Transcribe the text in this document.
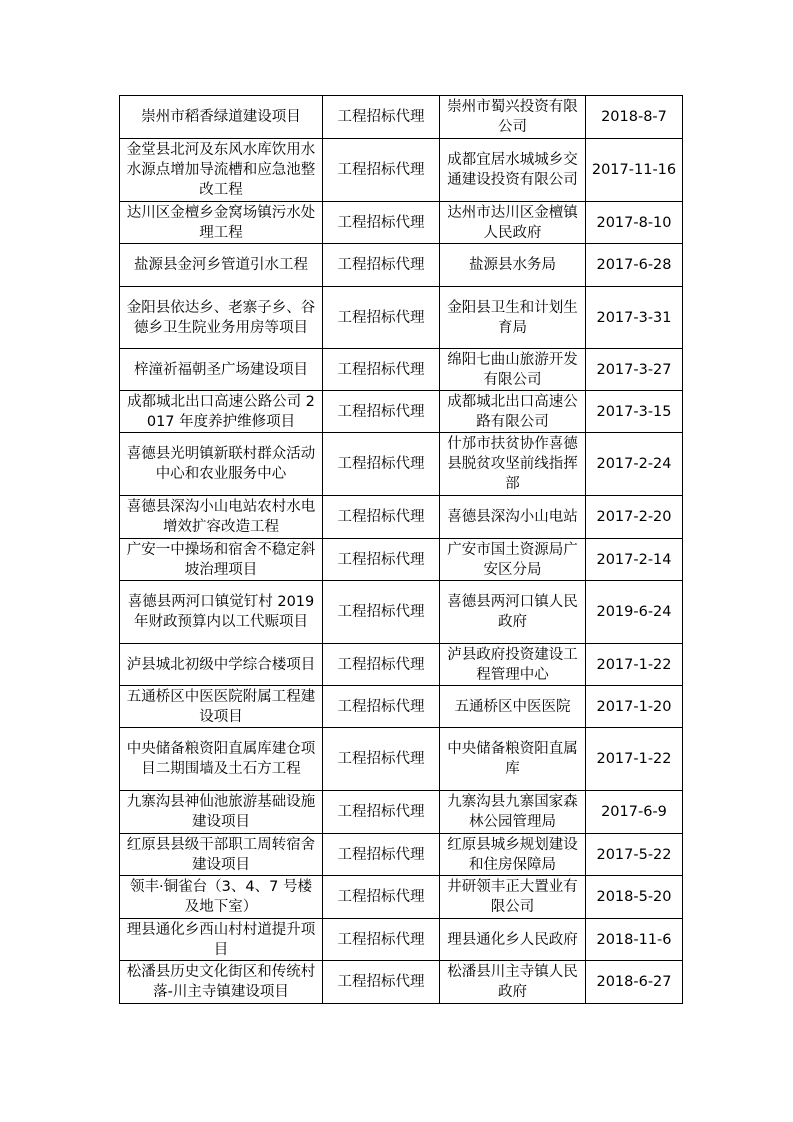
崇州市稻香绿道建设项目	工程招标代理	崇州市蜀兴投资有限公司	2018-8-7
金堂县北河及东风水库饮用水水源点增加导流槽和应急池整改工程	工程招标代理	成都宜居水城城乡交通建设投资有限公司	2017-11-16
达川区金檀乡金窝场镇污水处理工程	工程招标代理	达州市达川区金檀镇人民政府	2017-8-10
盐源县金河乡管道引水工程	工程招标代理	盐源县水务局	2017-6-28
金阳县依达乡、老寨子乡、谷德乡卫生院业务用房等项目	工程招标代理	金阳县卫生和计划生育局	2017-3-31
梓潼祈福朝圣广场建设项目	工程招标代理	绵阳七曲山旅游开发有限公司	2017-3-27
成都城北出口高速公路公司 2017 年度养护维修项目	工程招标代理	成都城北出口高速公路有限公司	2017-3-15
喜德县光明镇新联村群众活动中心和农业服务中心	工程招标代理	什邡市扶贫协作喜德县脱贫攻坚前线指挥部	2017-2-24
喜德县深沟小山电站农村水电增效扩容改造工程	工程招标代理	喜德县深沟小山电站	2017-2-20
广安一中操场和宿舍不稳定斜坡治理项目	工程招标代理	广安市国土资源局广安区分局	2017-2-14
喜德县两河口镇觉钉村 2019 年财政预算内以工代赈项目	工程招标代理	喜德县两河口镇人民政府	2019-6-24
泸县城北初级中学综合楼项目	工程招标代理	泸县政府投资建设工程管理中心	2017-1-22
五通桥区中医医院附属工程建设项目	工程招标代理	五通桥区中医医院	2017-1-20
中央储备粮资阳直属库建仓项目二期围墙及土石方工程	工程招标代理	中央储备粮资阳直属库	2017-1-22
九寨沟县神仙池旅游基础设施建设项目	工程招标代理	九寨沟县九寨国家森林公园管理局	2017-6-9
红原县县级干部职工周转宿舍建设项目	工程招标代理	红原县城乡规划建设和住房保障局	2017-5-22
领丰·铜雀台（3、4、7 号楼及地下室）	工程招标代理	井研领丰正大置业有限公司	2018-5-20
理县通化乡西山村村道提升项目	工程招标代理	理县通化乡人民政府	2018-11-6
松潘县历史文化街区和传统村落-川主寺镇建设项目	工程招标代理	松潘县川主寺镇人民政府	2018-6-27
